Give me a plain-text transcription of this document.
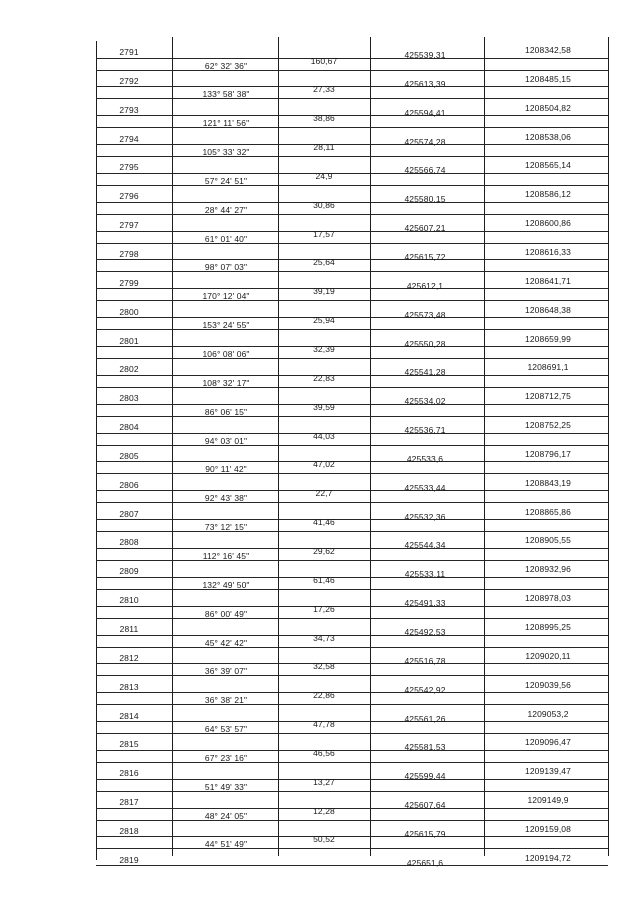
2791
2792
2793
2794
2795
2796
2797
2798
2799
2800
2801
2802
2803
2804
2805
2806
2807
2808
2809
2810
2811
2812
2813
2814
2815
2816
2817
2818
2819
62° 32' 36"
133° 58' 38"
121° 11' 56"
105° 33' 32"
57° 24' 51"
28° 44' 27"
61° 01' 40"
98° 07' 03"
170° 12' 04"
153° 24' 55"
106° 08' 06"
108° 32' 17"
86° 06' 15"
94° 03' 01"
90° 11' 42"
92° 43' 38"
73° 12' 15"
112° 16' 45"
132° 49' 50"
86° 00' 49"
45° 42' 42"
36° 39' 07"
36° 38' 21"
64° 53' 57"
67° 23' 16"
51° 49' 33"
48° 24' 05"
44° 51' 49"
160,67
27,33
38,86
28,11
24,9
30,86
17,57
25,64
39,19
25,94
32,39
22,83
39,59
44,03
47,02
22,7
41,46
29,62
61,46
17,26
34,73
32,58
22,86
47,78
46,56
13,27
12,28
50,52
425539,31
425613,39
425594,41
425574,28
425566,74
425580,15
425607,21
425615,72
425612,1
425573,48
425550,28
425541,28
425534,02
425536,71
425533,6
425533,44
425532,36
425544,34
425533,11
425491,33
425492,53
425516,78
425542,92
425561,26
425581,53
425599,44
425607,64
425615,79
425651,6
1208342,58
1208485,15
1208504,82
1208538,06
1208565,14
1208586,12
1208600,86
1208616,33
1208641,71
1208648,38
1208659,99
1208691,1
1208712,75
1208752,25
1208796,17
1208843,19
1208865,86
1208905,55
1208932,96
1208978,03
1208995,25
1209020,11
1209039,56
1209053,2
1209096,47
1209139,47
1209149,9
1209159,08
1209194,72
